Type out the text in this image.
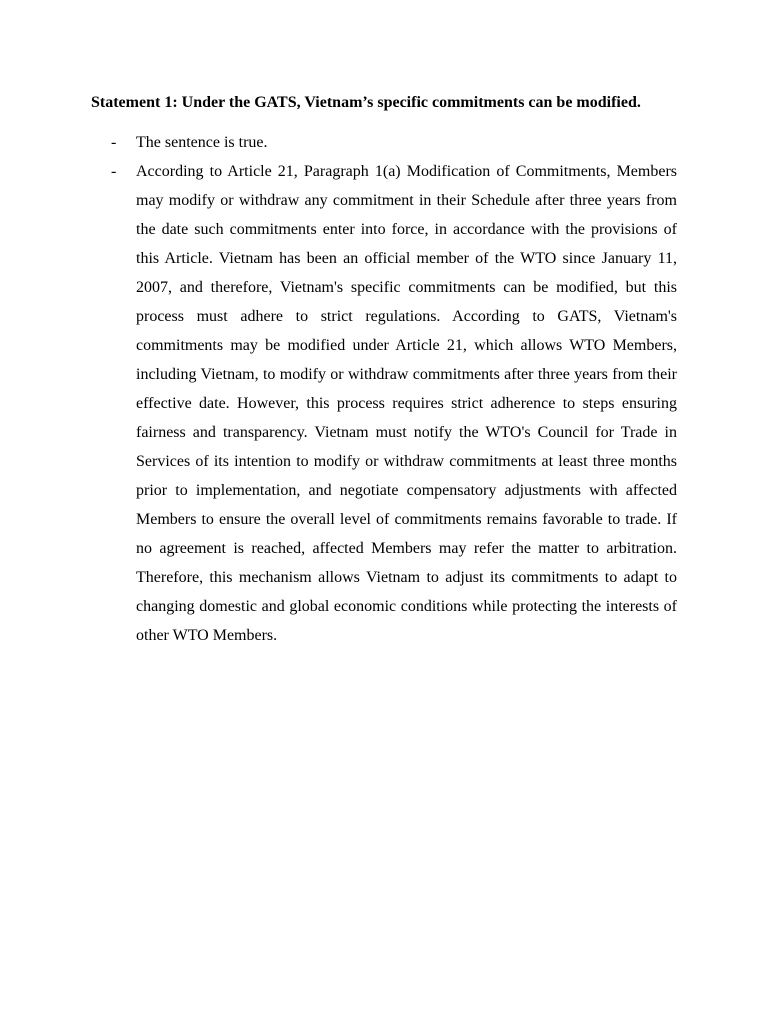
Statement 1: Under the GATS, Vietnam’s specific commitments can be modified.

- The sentence is true.
- According to Article 21, Paragraph 1(a) Modification of Commitments, Members may modify or withdraw any commitment in their Schedule after three years from the date such commitments enter into force, in accordance with the provisions of this Article. Vietnam has been an official member of the WTO since January 11, 2007, and therefore, Vietnam's specific commitments can be modified, but this process must adhere to strict regulations. According to GATS, Vietnam's commitments may be modified under Article 21, which allows WTO Members, including Vietnam, to modify or withdraw commitments after three years from their effective date. However, this process requires strict adherence to steps ensuring fairness and transparency. Vietnam must notify the WTO's Council for Trade in Services of its intention to modify or withdraw commitments at least three months prior to implementation, and negotiate compensatory adjustments with affected Members to ensure the overall level of commitments remains favorable to trade. If no agreement is reached, affected Members may refer the matter to arbitration. Therefore, this mechanism allows Vietnam to adjust its commitments to adapt to changing domestic and global economic conditions while protecting the interests of other WTO Members.
